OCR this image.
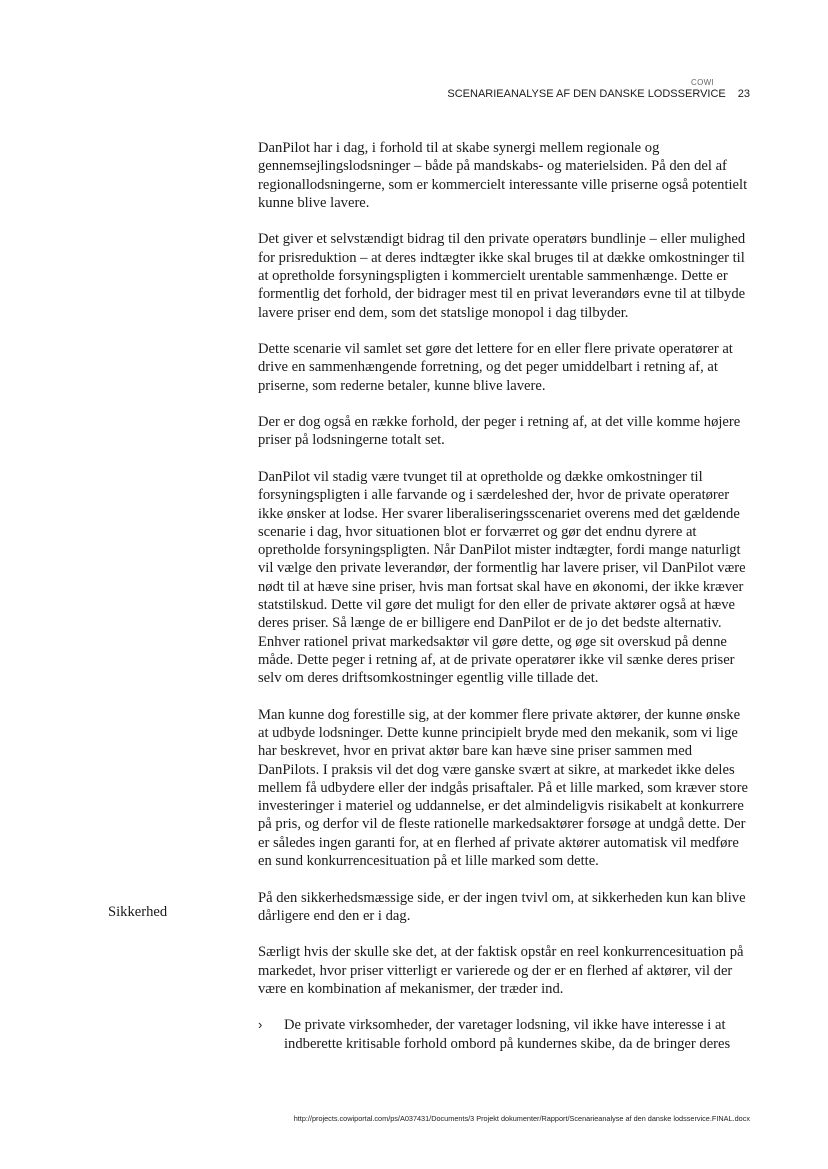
COWI
SCENARIEANALYSE AF DEN DANSKE LODSSERVICE 23
Sikkerhed

DanPilot har i dag, i forhold til at skabe synergi mellem regionale og gennemsejlingslodsninger – både på mandskabs- og materielsiden. På den del af regionallodsningerne, som er kommercielt interessante ville priserne også potentielt kunne blive lavere.

Det giver et selvstændigt bidrag til den private operatørs bundlinje – eller mulighed for prisreduktion – at deres indtægter ikke skal bruges til at dække omkostninger til at opretholde forsyningspligten i kommercielt urentable sammenhænge. Dette er formentlig det forhold, der bidrager mest til en privat leverandørs evne til at tilbyde lavere priser end dem, som det statslige monopol i dag tilbyder.

Dette scenarie vil samlet set gøre det lettere for en eller flere private operatører at drive en sammenhængende forretning, og det peger umiddelbart i retning af, at priserne, som rederne betaler, kunne blive lavere.

Der er dog også en række forhold, der peger i retning af, at det ville komme højere priser på lodsningerne totalt set.

DanPilot vil stadig være tvunget til at opretholde og dække omkostninger til forsyningspligten i alle farvande og i særdeleshed der, hvor de private operatører ikke ønsker at lodse. Her svarer liberaliseringsscenariet overens med det gældende scenarie i dag, hvor situationen blot er forværret og gør det endnu dyrere at opretholde forsyningspligten. Når DanPilot mister indtægter, fordi mange naturligt vil vælge den private leverandør, der formentlig har lavere priser, vil DanPilot være nødt til at hæve sine priser, hvis man fortsat skal have en økonomi, der ikke kræver statstilskud. Dette vil gøre det muligt for den eller de private aktører også at hæve deres priser. Så længe de er billigere end DanPilot er de jo det bedste alternativ. Enhver rationel privat markedsaktør vil gøre dette, og øge sit overskud på denne måde. Dette peger i retning af, at de private operatører ikke vil sænke deres priser selv om deres driftsomkostninger egentlig ville tillade det.

Man kunne dog forestille sig, at der kommer flere private aktører, der kunne ønske at udbyde lodsninger. Dette kunne principielt bryde med den mekanik, som vi lige har beskrevet, hvor en privat aktør bare kan hæve sine priser sammen med DanPilots. I praksis vil det dog være ganske svært at sikre, at markedet ikke deles mellem få udbydere eller der indgås prisaftaler. På et lille marked, som kræver store investeringer i materiel og uddannelse, er det almindeligvis risikabelt at konkurrere på pris, og derfor vil de fleste rationelle markedsaktører forsøge at undgå dette. Der er således ingen garanti for, at en flerhed af private aktører automatisk vil medføre en sund konkurrencesituation på et lille marked som dette.

På den sikkerhedsmæssige side, er der ingen tvivl om, at sikkerheden kun kan blive dårligere end den er i dag.

Særligt hvis der skulle ske det, at der faktisk opstår en reel konkurrencesituation på markedet, hvor priser vitterligt er varierede og der er en flerhed af aktører, vil der være en kombination af mekanismer, der træder ind.

›	De private virksomheder, der varetager lodsning, vil ikke have interesse i at indberette kritisable forhold ombord på kundernes skibe, da de bringer deres
http://projects.cowiportal.com/ps/A037431/Documents/3 Projekt dokumenter/Rapport/Scenarieanalyse af den danske lodsservice.FINAL.docx
